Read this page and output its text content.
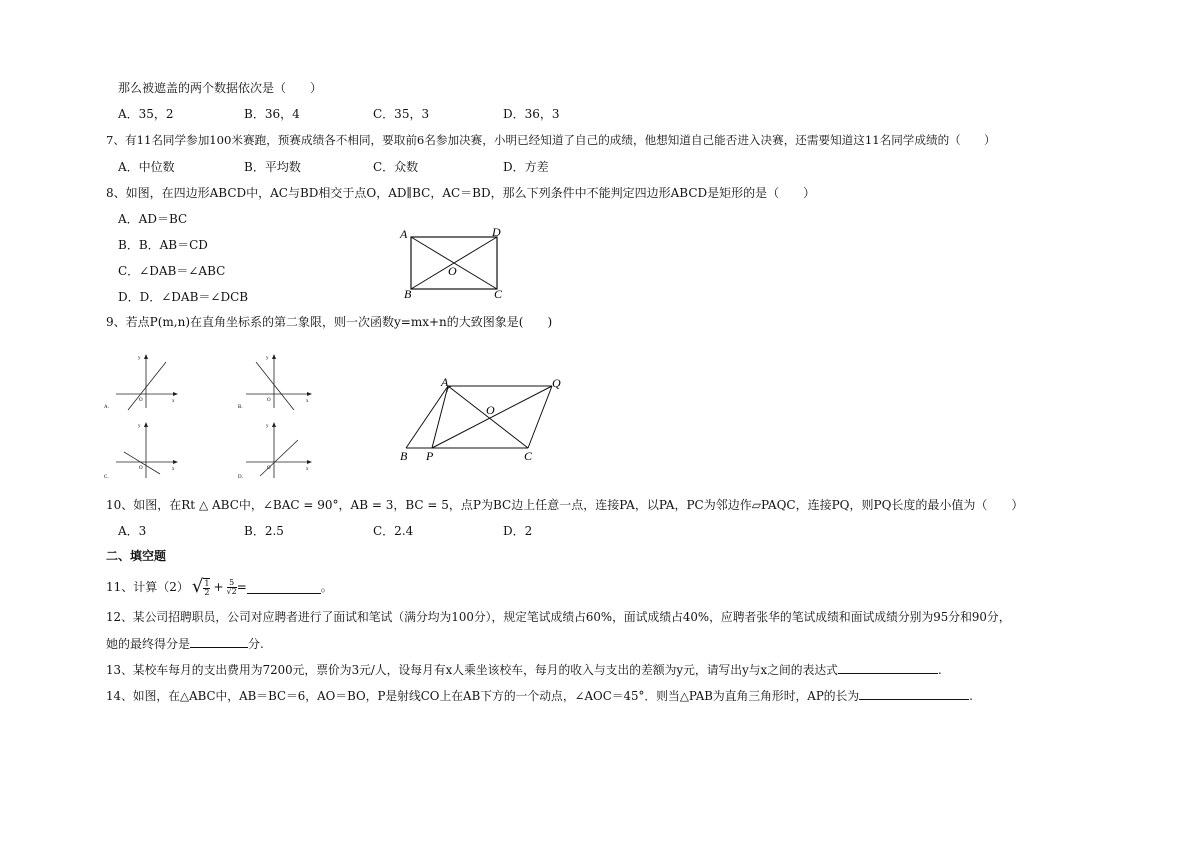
那么被遮盖的两个数据依次是（　　）
A．35，2	B．36，4	C．35，3	D．36，3
7、有11名同学参加100米赛跑，预赛成绩各不相同，要取前6名参加决赛，小明已经知道了自己的成绩，他想知道自己能否进入决赛，还需要知道这11名同学成绩的（　　）
A．中位数	B．平均数	C．众数	D．方差
8、如图，在四边形ABCD中，AC与BD相交于点O，AD∥BC，AC＝BD，那么下列条件中不能判定四边形ABCD是矩形的是（　　）
A．AD＝BC
B．B．AB＝CD
C．∠DAB＝∠ABC
D．D．∠DAB＝∠DCB
A	D
O
B	C
9、若点P(m,n)在直角坐标系的第二象限，则一次函数y=mx+n的大致图象是(　　)
y
x
O
A.
y
x
O
B.
y
x
O
C.
y
x
O
D.
A	Q
O
B P	C
10、如图，在Rt △ ABC中，∠BAC = 90°，AB = 3，BC = 5，点P为BC边上任意一点，连接PA，以PA，PC为邻边作▱PAQC，连接PQ，则PQ长度的最小值为（　　）
A．3	B．2.5	C．2.4	D．2
二、填空题
11、计算（2） √ $\frac{1}{2} + \frac{5}{√2}$ =	。
12、某公司招聘职员，公司对应聘者进行了面试和笔试（满分均为100分），规定笔试成绩占60%，面试成绩占40%，应聘者张华的笔试成绩和面试成绩分别为95分和90分，
她的最终得分是	分.
13、某校车每月的支出费用为7200元，票价为3元/人，设每月有x人乘坐该校车，每月的收入与支出的差额为y元，请写出y与x之间的表达式	.
14、如图，在△ABC中，AB＝BC＝6，AO＝BO，P是射线CO上在AB下方的一个动点，∠AOC＝45°．则当△PAB为直角三角形时，AP的长为	.
